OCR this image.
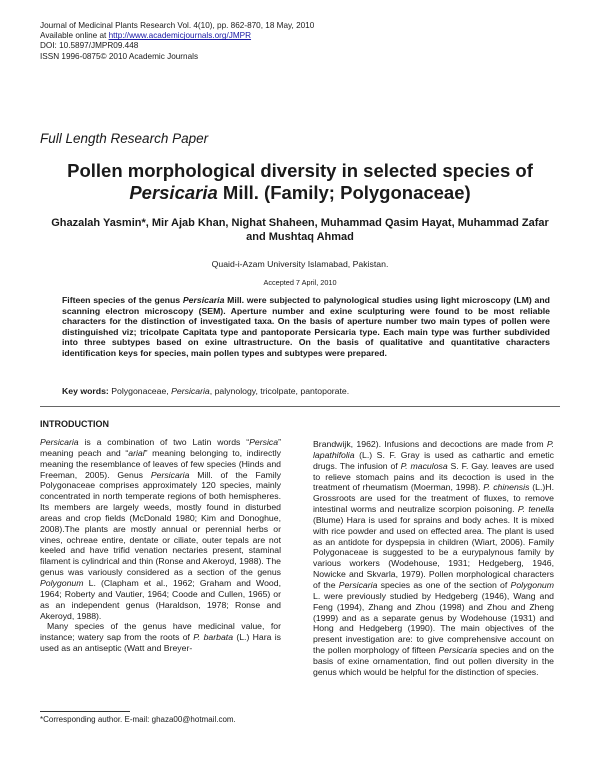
Journal of Medicinal Plants Research Vol. 4(10), pp. 862-870, 18 May, 2010
Available online at http://www.academicjournals.org/JMPR
DOI: 10.5897/JMPR09.448
ISSN 1996-0875© 2010 Academic Journals
Full Length Research Paper
Pollen morphological diversity in selected species of
Persicaria Mill. (Family; Polygonaceae)
Ghazalah Yasmin*, Mir Ajab Khan, Nighat Shaheen, Muhammad Qasim Hayat, Muhammad Zafar and Mushtaq Ahmad
Quaid-i-Azam University Islamabad, Pakistan.
Accepted 7 April, 2010
Fifteen species of the genus Persicaria Mill. were subjected to palynological studies using light microscopy (LM) and scanning electron microscopy (SEM). Aperture number and exine sculpturing were found to be most reliable characters for the distinction of investigated taxa. On the basis of aperture number two main types of pollen were distinguished viz; tricolpate Capitata type and pantoporate Persicaria type. Each main type was further subdivided into three subtypes based on exine ultrastructure. On the basis of qualitative and quantitative characters identification keys for species, main pollen types and subtypes were prepared.
Key words: Polygonaceae, Persicaria, palynology, tricolpate, pantoporate.
INTRODUCTION

Persicaria is a combination of two Latin words “Persica” meaning peach and “arial” meaning belonging to, indirectly meaning the resemblance of leaves of few species (Hinds and Freeman, 2005). Genus Persicaria Mill. of the Family Polygonaceae comprises approximately 120 species, mainly concentrated in north temperate regions of both hemispheres. Its members are largely weeds, mostly found in disturbed areas and crop fields (McDonald 1980; Kim and Donoghue, 2008).The plants are mostly annual or perennial herbs or vines, ochreae entire, dentate or ciliate, outer tepals are not keeled and have trifid venation nectaries present, staminal filament is cylindrical and thin (Ronse and Akeroyd, 1988). The genus was variously considered as a section of the genus Polygonum L. (Clapham et al., 1962; Graham and Wood, 1964; Roberty and Vautier, 1964; Coode and Cullen, 1965) or as an independent genus (Haraldson, 1978; Ronse and Akeroyd, 1988).

Many species of the genus have medicinal value, for instance; watery sap from the roots of P. barbata (L.) Hara is used as an antiseptic (Watt and Breyer-

Brandwijk, 1962). Infusions and decoctions are made from P. lapathifolia (L.) S. F. Gray is used as cathartic and emetic drugs. The infusion of P. maculosa S. F. Gay. leaves are used to relieve stomach pains and its decoction is used in the treatment of rheumatism (Moerman, 1998). P. chinensis (L.)H. Grossroots are used for the treatment of fluxes, to remove intestinal worms and neutralize scorpion poisoning. P. tenella (Blume) Hara is used for sprains and body aches. It is mixed with rice powder and used on effected area. The plant is used as an antidote for dyspepsia in children (Wiart, 2006). Family Polygonaceae is suggested to be a eurypalynous family by various workers (Wodehouse, 1931; Hedgeberg, 1946, Nowicke and Skvarla, 1979). Pollen morphological characters of the Persicaria species as one of the section of Polygonum L. were previously studied by Hedgeberg (1946), Wang and Feng (1994), Zhang and Zhou (1998) and Zhou and Zheng (1999) and as a separate genus by Wodehouse (1931) and Hong and Hedgeberg (1990). The main objectives of the present investigation are: to give comprehensive account on the pollen morphology of fifteen Persicaria species and on the basis of exine ornamentation, find out pollen diversity in the genus which would be helpful for the distinction of species.

*Corresponding author. E-mail: ghaza00@hotmail.com.
